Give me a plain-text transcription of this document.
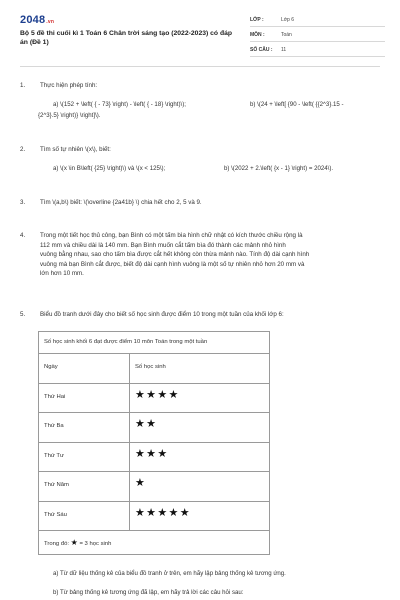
2048.vn
Bộ 5 đề thi cuối kì 1 Toán 6 Chân trời sáng tạo (2022-2023) có đáp án (Đề 1)
LỚP :	Lớp 6
MÔN :	Toán
SỐ CÂU :	11
1.	Thực hiện phép tính:
a) \(152 + \left( { - 73} \right) - \left( { - 18} \right)\);	b) \(24 + \left[ {90 - \left( {{2^3}.15 -
{2^3}.5} \right)} \right]\).
2.	Tìm số tự nhiên \(x\), biết:
a) \(x \in B\left( {25} \right)\) và \(x < 125\);	b) \(2022 + 2.\left( {x - 1} \right) = 2024\).
3.	Tìm \(a,b\) biết: \(\overline {2a41b} \) chia hết cho 2, 5 và 9.
4.	Trong một tiết học thủ công, bạn Bình có một tấm bìa hình chữ nhật có kích thước chiều rộng là
112 mm và chiều dài là 140 mm. Bạn Bình muốn cắt tấm bìa đó thành các mảnh nhỏ hình
vuông bằng nhau, sao cho tấm bìa được cắt hết không còn thừa mảnh nào. Tính độ dài cạnh hình
vuông mà bạn Bình cắt được, biết độ dài cạnh hình vuông là một số tự nhiên nhỏ hơn 20 mm và
lớn hơn 10 mm.
5.	Biểu đồ tranh dưới đây cho biết số học sinh được điểm 10 trong một tuần của khối lớp 6:
Số học sinh khối 6 đạt được điểm 10 môn Toán trong một tuần
Ngày	Số học sinh
Thứ Hai	★★★★
Thứ Ba	★★
Thứ Tư	★★★
Thứ Năm	★
Thứ Sáu	★★★★★
Trong đó: ★ = 3 học sinh
a) Từ dữ liệu thống kê của biểu đồ tranh ở trên, em hãy lập bảng thống kê tương ứng.
b) Từ bảng thống kê tương ứng đã lập, em hãy trả lời các câu hỏi sau:
